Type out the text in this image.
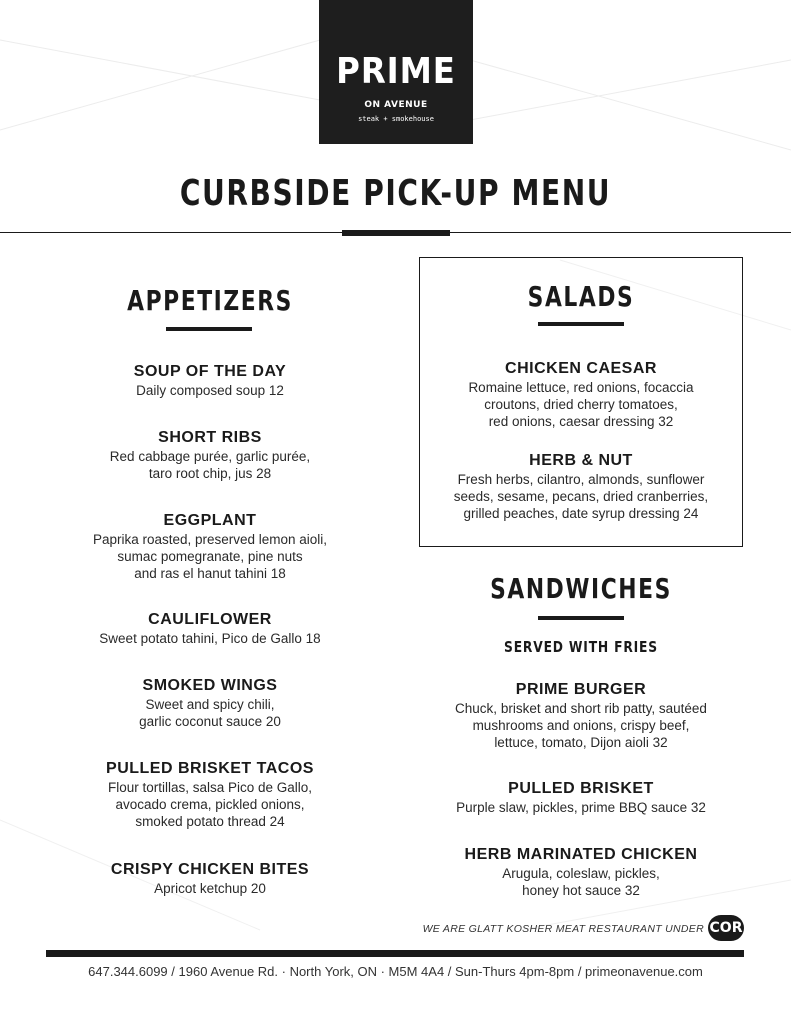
PRIME
ON AVENUE
steak + smokehouse
CURBSIDE PICK-UP MENU
APPETIZERS
SOUP OF THE DAY
Daily composed soup 12
SHORT RIBS
Red cabbage purée, garlic purée,
taro root chip, jus 28
EGGPLANT
Paprika roasted, preserved lemon aioli,
sumac pomegranate, pine nuts
and ras el hanut tahini 18
CAULIFLOWER
Sweet potato tahini, Pico de Gallo 18
SMOKED WINGS
Sweet and spicy chili,
garlic coconut sauce 20
PULLED BRISKET TACOS
Flour tortillas, salsa Pico de Gallo,
avocado crema, pickled onions,
smoked potato thread 24
CRISPY CHICKEN BITES
Apricot ketchup 20
SALADS
CHICKEN CAESAR
Romaine lettuce, red onions, focaccia
croutons, dried cherry tomatoes,
red onions, caesar dressing 32
HERB & NUT
Fresh herbs, cilantro, almonds, sunflower
seeds, sesame, pecans, dried cranberries,
grilled peaches, date syrup dressing 24
SANDWICHES
SERVED WITH FRIES
PRIME BURGER
Chuck, brisket and short rib patty, sautéed
mushrooms and onions, crispy beef,
lettuce, tomato, Dijon aioli 32
PULLED BRISKET
Purple slaw, pickles, prime BBQ sauce 32
HERB MARINATED CHICKEN
Arugula, coleslaw, pickles,
honey hot sauce 32
WE ARE GLATT KOSHER MEAT RESTAURANT UNDER COR
647.344.6099 / 1960 Avenue Rd. · North York, ON · M5M 4A4 / Sun-Thurs 4pm-8pm / primeonavenue.com
